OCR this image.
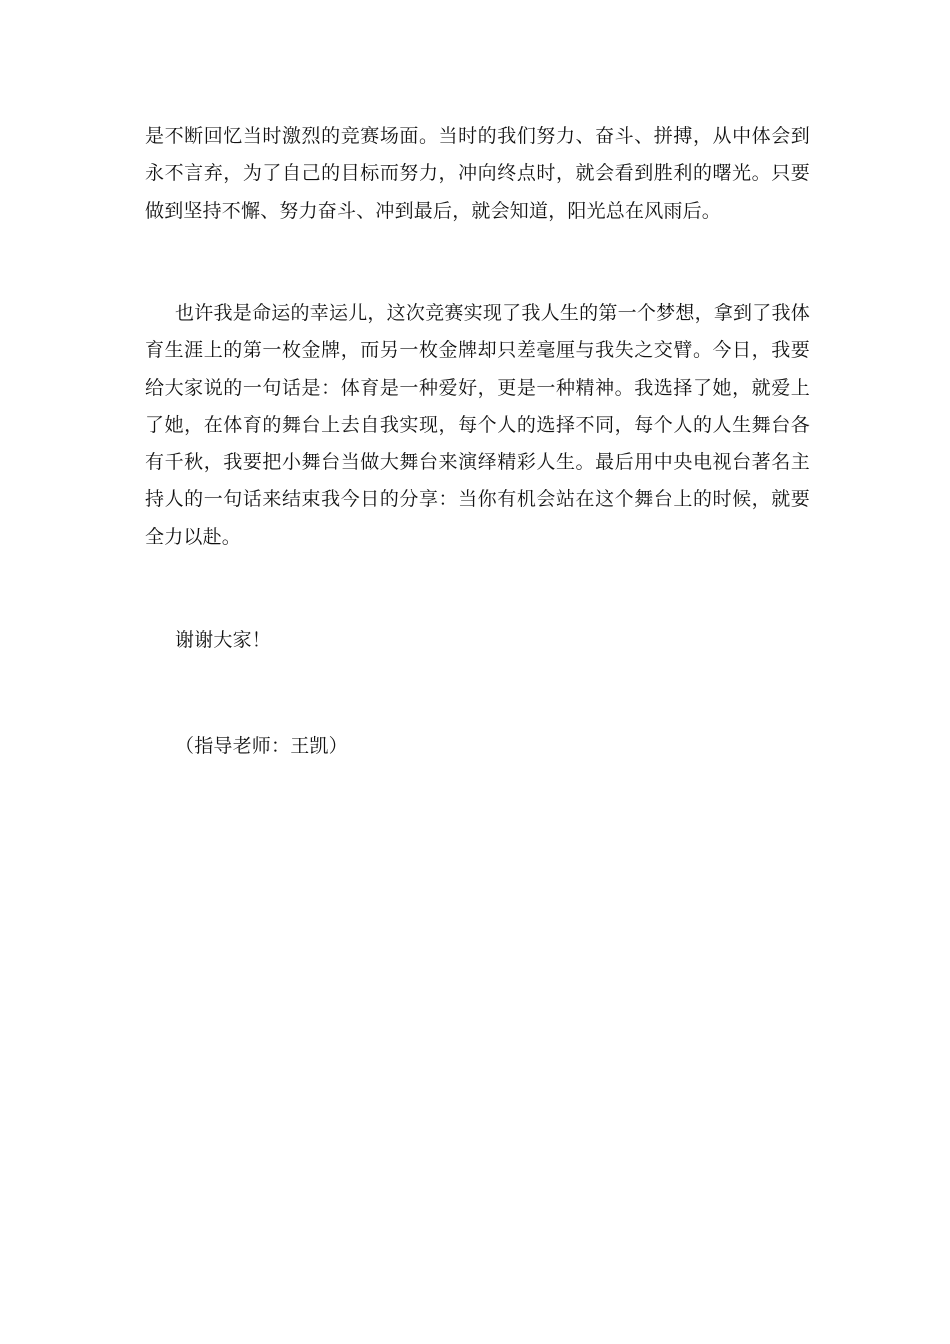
是不断回忆当时激烈的竞赛场面。当时的我们努力、奋斗、拼搏，从中体会到永不言弃，为了自己的目标而努力，冲向终点时，就会看到胜利的曙光。只要做到坚持不懈、努力奋斗、冲到最后，就会知道，阳光总在风雨后。

也许我是命运的幸运儿，这次竞赛实现了我人生的第一个梦想，拿到了我体育生涯上的第一枚金牌，而另一枚金牌却只差毫厘与我失之交臂。今日，我要给大家说的一句话是：体育是一种爱好，更是一种精神。我选择了她，就爱上了她，在体育的舞台上去自我实现，每个人的选择不同，每个人的人生舞台各有千秋，我要把小舞台当做大舞台来演绎精彩人生。最后用中央电视台著名主持人的一句话来结束我今日的分享：当你有机会站在这个舞台上的时候，就要全力以赴。

谢谢大家！

（指导老师：王凯）
